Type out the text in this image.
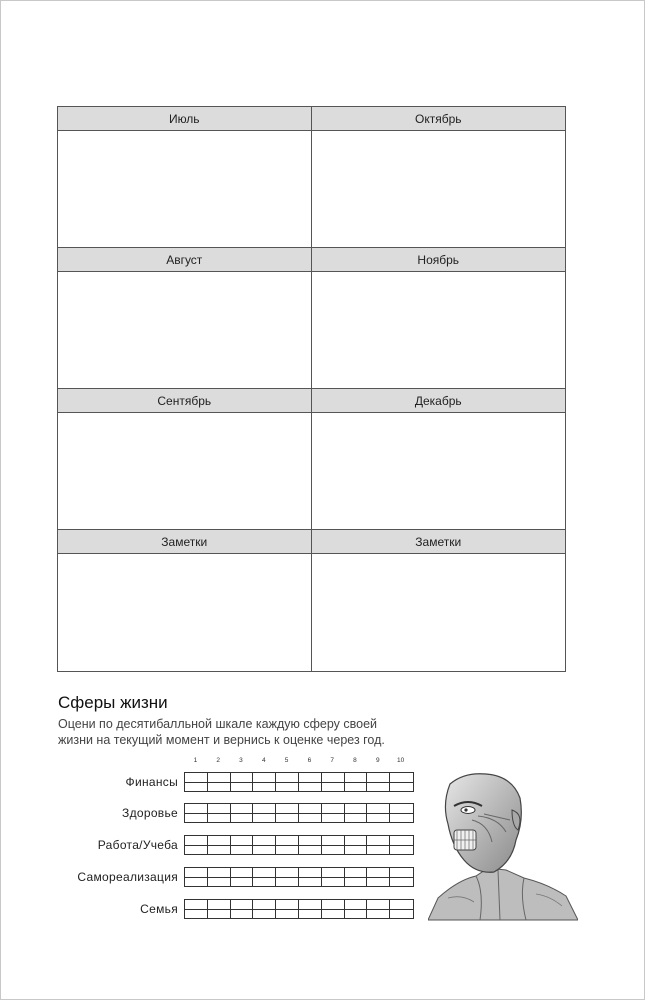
Июль	Октябрь
Август	Ноябрь
Сентябрь	Декабрь
Заметки	Заметки
Сферы жизни
Оцени по десятибалльной шкале каждую сферу своей
жизни на текущий момент и вернись к оценке через год.
1	2	3	4	5	6	7	8	9	10
Финансы
Здоровье
Работа/Учеба
Самореализация
Семья
